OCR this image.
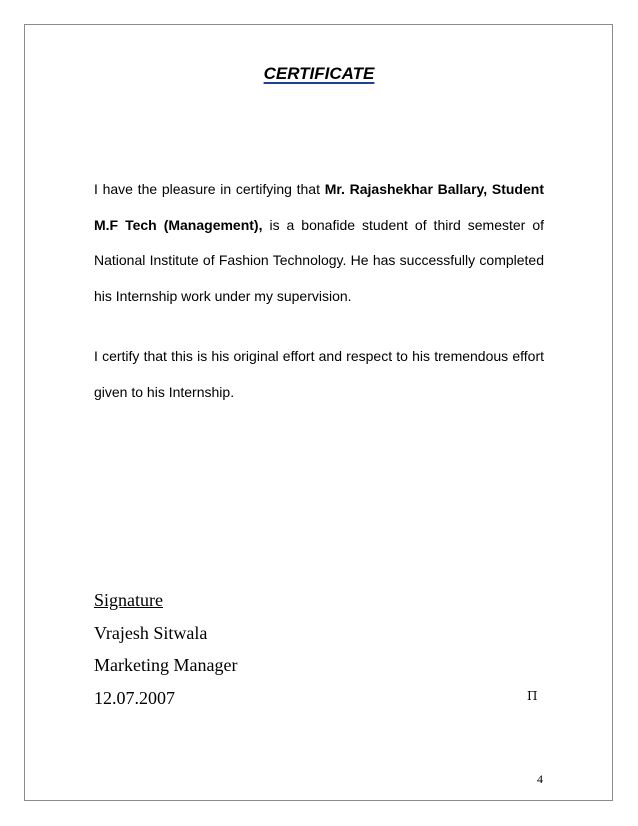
CERTIFICATE
I have the pleasure in certifying that Mr. Rajashekhar Ballary, Student M.F Tech (Management), is a bonafide student of third semester of National Institute of Fashion Technology. He has successfully completed his Internship work under my supervision.
I certify that this is his original effort and respect to his tremendous effort given to his Internship.
Signature
Vrajesh Sitwala
Marketing Manager
12.07.2007	Π
4
